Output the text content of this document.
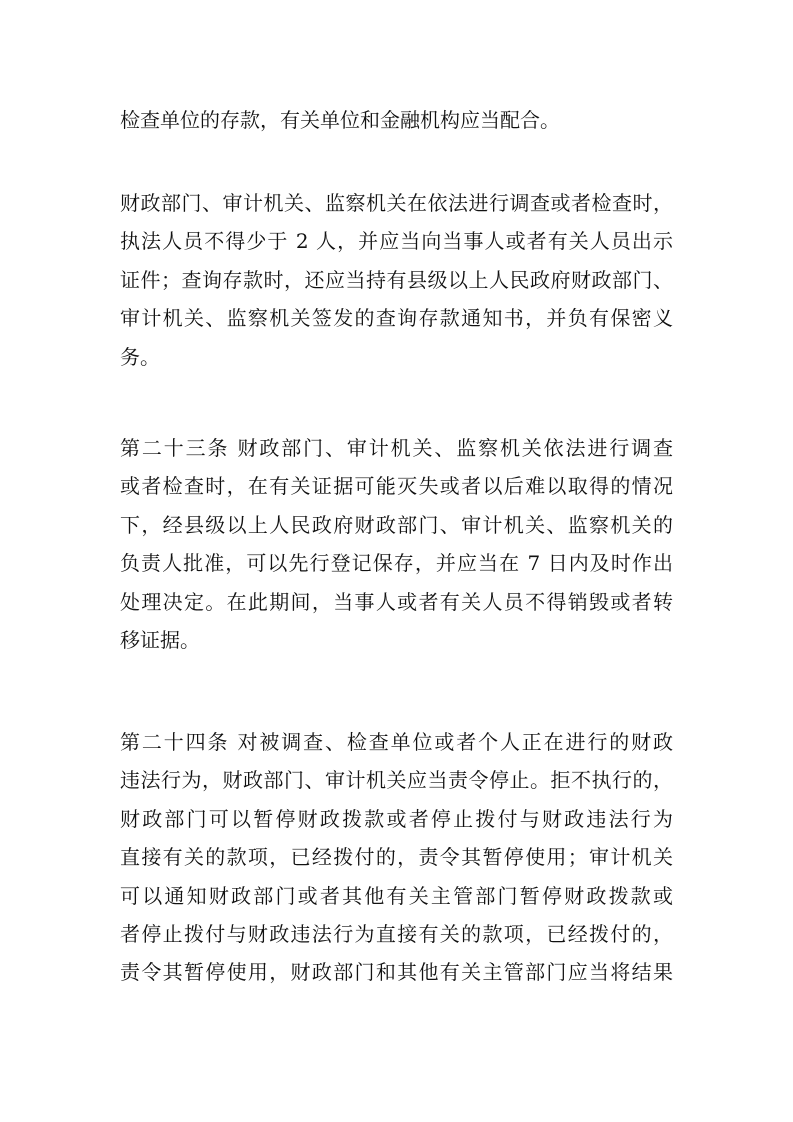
检查单位的存款，有关单位和金融机构应当配合。
财政部门、审计机关、监察机关在依法进行调查或者检查时，
执法人员不得少于 2 人，并应当向当事人或者有关人员出示
证件；查询存款时，还应当持有县级以上人民政府财政部门、
审计机关、监察机关签发的查询存款通知书，并负有保密义
务。
第二十三条 财政部门、审计机关、监察机关依法进行调查
或者检查时，在有关证据可能灭失或者以后难以取得的情况
下，经县级以上人民政府财政部门、审计机关、监察机关的
负责人批准，可以先行登记保存，并应当在 7 日内及时作出
处理决定。在此期间，当事人或者有关人员不得销毁或者转
移证据。
第二十四条 对被调查、检查单位或者个人正在进行的财政
违法行为，财政部门、审计机关应当责令停止。拒不执行的，
财政部门可以暂停财政拨款或者停止拨付与财政违法行为
直接有关的款项，已经拨付的，责令其暂停使用；审计机关
可以通知财政部门或者其他有关主管部门暂停财政拨款或
者停止拨付与财政违法行为直接有关的款项，已经拨付的，
责令其暂停使用，财政部门和其他有关主管部门应当将结果
